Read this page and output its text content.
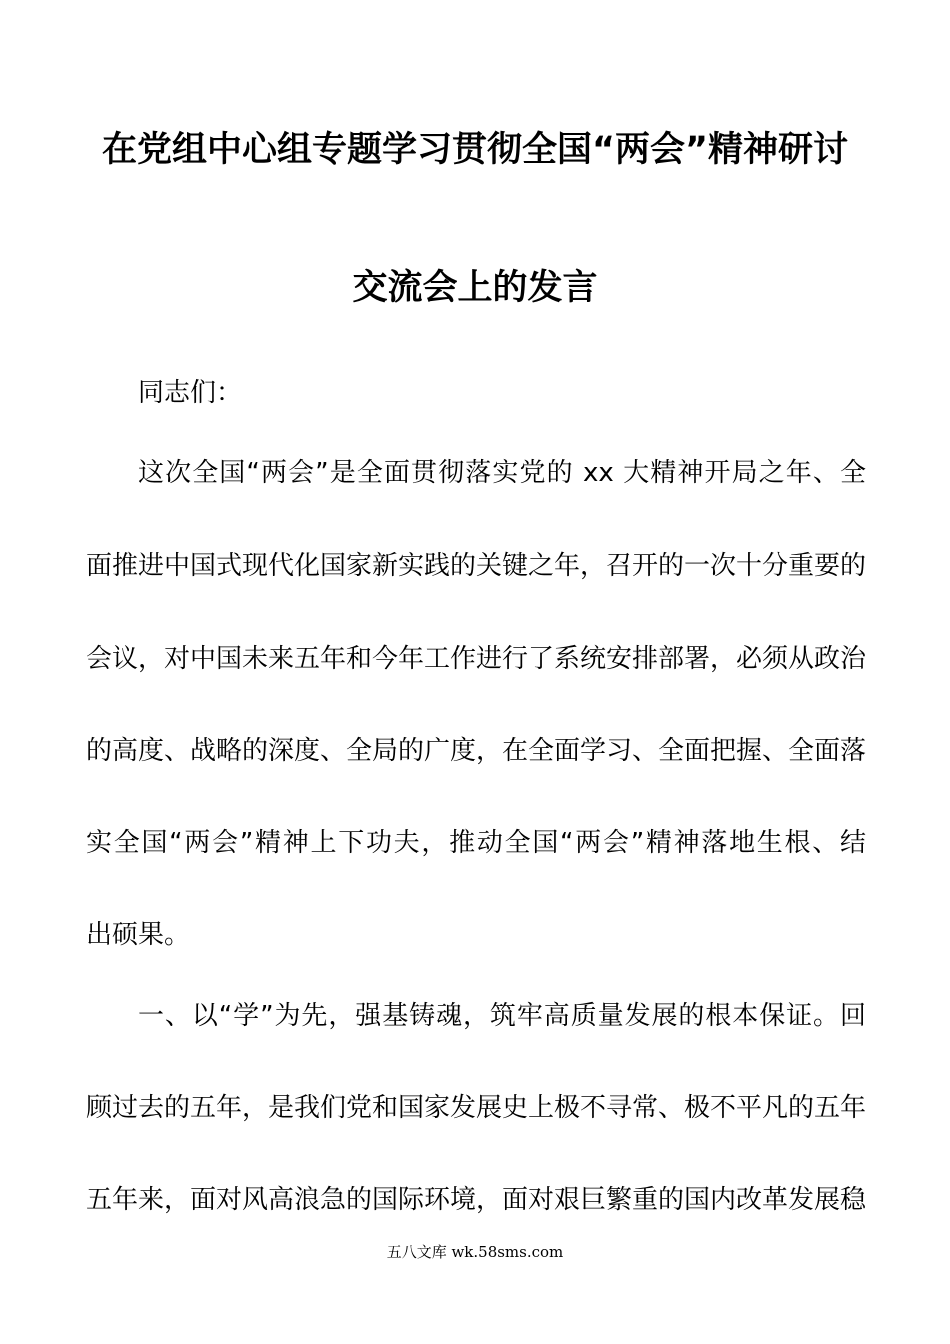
在党组中心组专题学习贯彻全国“两会”精神研讨
交流会上的发言
同志们：
这次全国“两会”是全面贯彻落实党的 xx 大精神开局之年、全
面推进中国式现代化国家新实践的关键之年，召开的一次十分重要的
会议，对中国未来五年和今年工作进行了系统安排部署，必须从政治
的高度、战略的深度、全局的广度，在全面学习、全面把握、全面落
实全国“两会”精神上下功夫，推动全国“两会”精神落地生根、结
出硕果。
一、以“学”为先，强基铸魂，筑牢高质量发展的根本保证。回
顾过去的五年，是我们党和国家发展史上极不寻常、极不平凡的五年
五年来，面对风高浪急的国际环境，面对艰巨繁重的国内改革发展稳
五八文库 wk.58sms.com
